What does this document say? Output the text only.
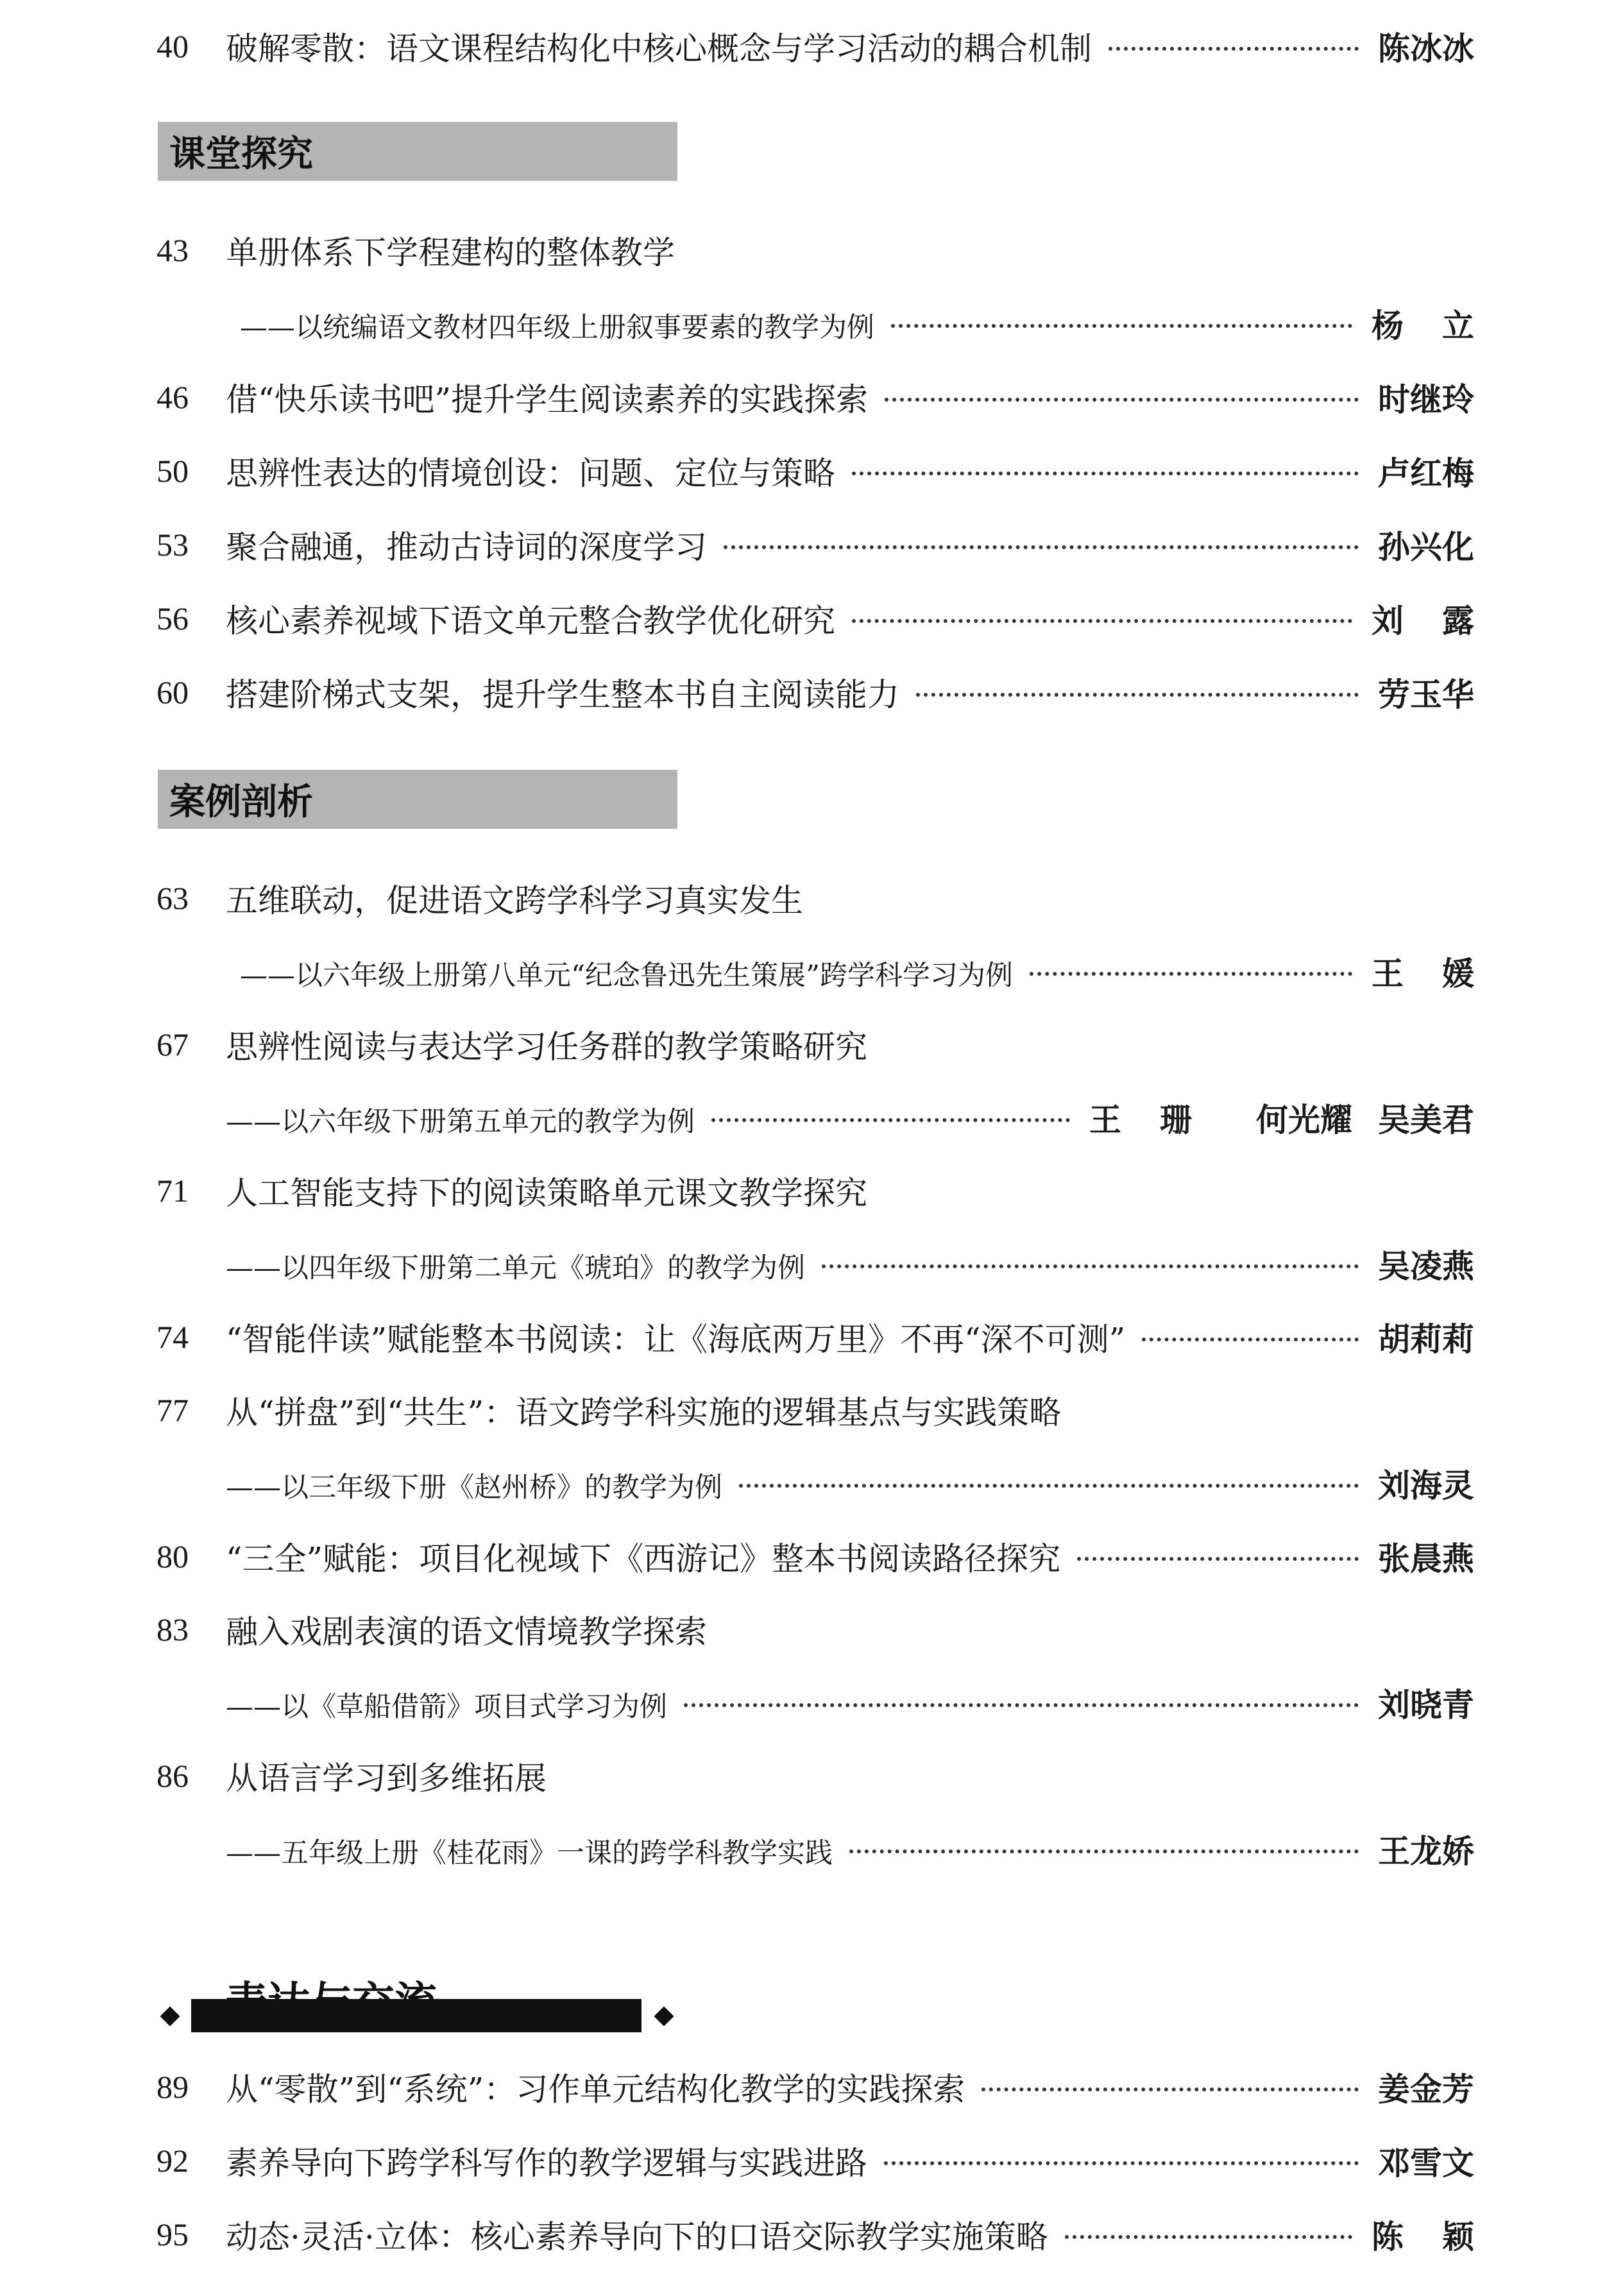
40 破解零散：语文课程结构化中核心概念与学习活动的耦合机制	陈冰冰
课堂探究
43 单册体系下学程建构的整体教学
——以统编语文教材四年级上册叙事要素的教学为例	杨立
46 借“快乐读书吧”提升学生阅读素养的实践探索	时继玲
50 思辨性表达的情境创设：问题、定位与策略	卢红梅
53 聚合融通，推动古诗词的深度学习	孙兴化
56 核心素养视域下语文单元整合教学优化研究	刘露
60 搭建阶梯式支架，提升学生整本书自主阅读能力	劳玉华
案例剖析
63 五维联动，促进语文跨学科学习真实发生
——以六年级上册第八单元“纪念鲁迅先生策展”跨学科学习为例	王媛
67 思辨性阅读与表达学习任务群的教学策略研究
——以六年级下册第五单元的教学为例	王珊 何光耀 吴美君
71 人工智能支持下的阅读策略单元课文教学探究
——以四年级下册第二单元《琥珀》的教学为例	吴凌燕
74 “智能伴读”赋能整本书阅读：让《海底两万里》不再“深不可测”	胡莉莉
77 从“拼盘”到“共生”：语文跨学科实施的逻辑基点与实践策略
——以三年级下册《赵州桥》的教学为例	刘海灵
80 “三全”赋能：项目化视域下《西游记》整本书阅读路径探究	张晨燕
83 融入戏剧表演的语文情境教学探索
——以《草船借箭》项目式学习为例	刘晓青
86 从语言学习到多维拓展
——五年级上册《桂花雨》一课的跨学科教学实践	王龙娇
表达与交流
89 从“零散”到“系统”：习作单元结构化教学的实践探索	姜金芳
92 素养导向下跨学科写作的教学逻辑与实践进路	邓雪文
95 动态·灵活·立体：核心素养导向下的口语交际教学实施策略	陈颖
